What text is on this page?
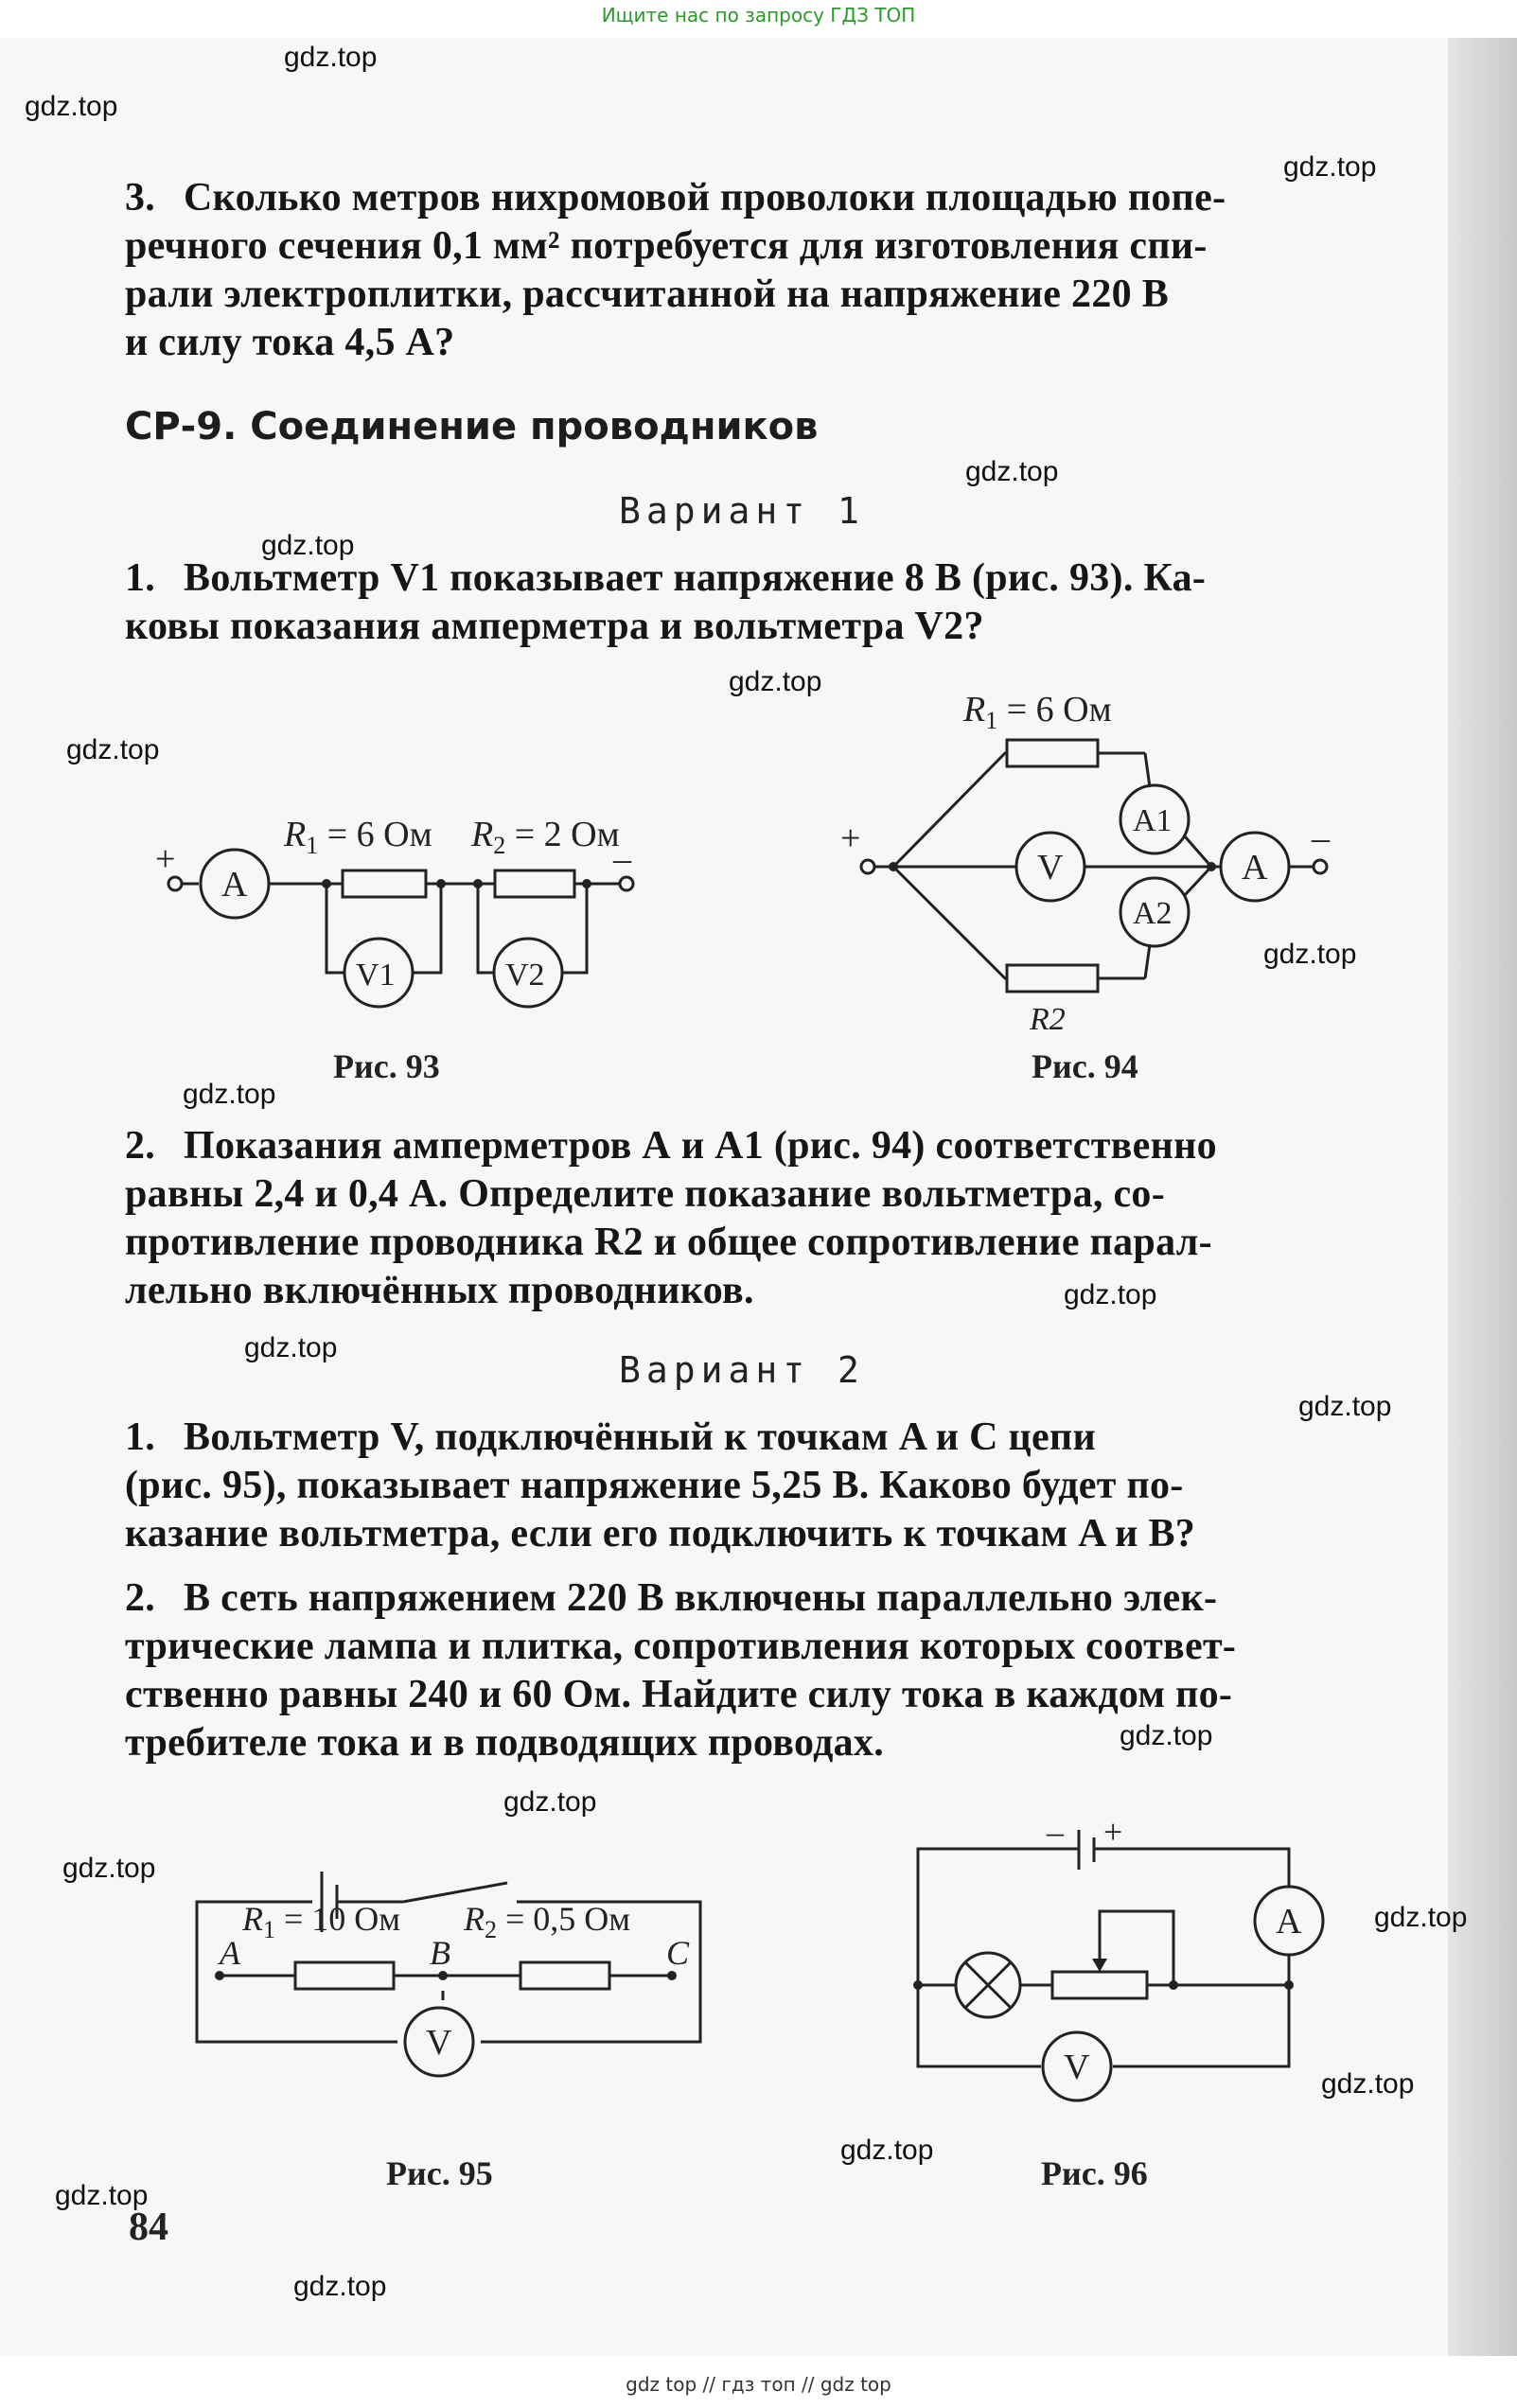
Ищите нас по запросу ГДЗ ТОП
gdz.top
gdz.top
gdz.top
gdz.top
gdz.top
gdz.top
gdz.top
gdz.top
gdz.top
gdz.top
gdz.top
gdz.top
gdz.top
gdz.top
gdz.top
gdz.top
gdz.top
gdz.top
gdz.top
gdz.top
3. Сколько метров нихромовой проволоки площадью попе-
речного сечения 0,1 мм² потребуется для изготовления спи-
рали электроплитки, рассчитанной на напряжение 220 В
и силу тока 4,5 А?
СР-9. Соединение проводников
Вариант 1
1. Вольтметр V1 показывает напряжение 8 В (рис. 93). Ка-
ковы показания амперметра и вольтметра V2?
+	–
A
$R_1 = 6$ Ом $R_2 = 2$ Ом
V1	V2
Рис. 93
+	–
$R_1 = 6$ Ом
R2
A1
A2
V	A
Рис. 94
2. Показания амперметров А и А1 (рис. 94) соответственно
равны 2,4 и 0,4 А. Определите показание вольтметра, со-
противление проводника R2 и общее сопротивление парал-
лельно включённых проводников.
Вариант 2
1. Вольтметр V, подключённый к точкам A и C цепи
(рис. 95), показывает напряжение 5,25 В. Каково будет по-
казание вольтметра, если его подключить к точкам A и B?
2. В сеть напряжением 220 В включены параллельно элек-
трические лампа и плитка, сопротивления которых соответ-
ственно равны 240 и 60 Ом. Найдите силу тока в каждом по-
требителе тока и в подводящих проводах.
A	B	C
$R_1 = 10$ Ом $R_2 = 0,5$ Ом
V
Рис. 95
– +
A
V
Рис. 96
84
gdz top // гдз топ // gdz top
